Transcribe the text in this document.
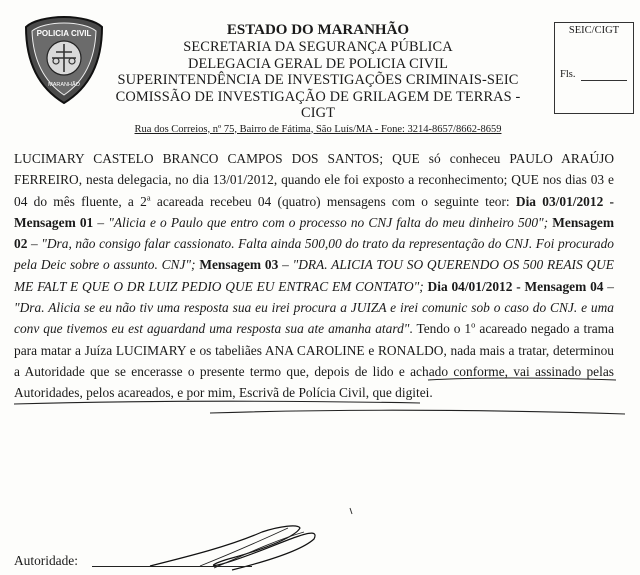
POLICIA CIVIL
MARANHÃO
ESTADO DO MARANHÃO
SECRETARIA DA SEGURANÇA PÚBLICA
DELEGACIA GERAL DE POLICIA CIVIL
SUPERINTENDÊNCIA DE INVESTIGAÇÕES CRIMINAIS-SEIC
COMISSÃO DE INVESTIGAÇÃO DE GRILAGEM DE TERRAS - CIGT
Rua dos Correios, nº 75, Bairro de Fátima, São Luís/MA - Fone: 3214-8657/8662-8659
SEIC/CIGT
Fls.

LUCIMARY CASTELO BRANCO CAMPOS DOS SANTOS; QUE só conheceu PAULO ARAÚJO FERREIRO, nesta delegacia, no dia 13/01/2012, quando ele foi exposto a reconhecimento; QUE nos dias 03 e 04 do mês fluente, a 2$^a$ acareada recebeu 04 (quatro) mensagens com o seguinte teor: Dia 03/01/2012 - Mensagem 01 – "Alicia e o Paulo que entro com o processo no CNJ falta do meu dinheiro 500"; Mensagem 02 – "Dra, não consigo falar cassionato. Falta ainda 500,00 do trato da representação do CNJ. Foi procurado pela Deic sobre o assunto. CNJ"; Mensagem 03 – "DRA. ALICIA TOU SO QUERENDO OS 500 REAIS QUE ME FALT E QUE O DR LUIZ PEDIO QUE EU ENTRAC EM CONTATO"; Dia 04/01/2012 - Mensagem 04 – "Dra. Alicia se eu não tiv uma resposta sua eu irei procura a JUIZA e irei comunic sob o caso do CNJ. e uma conv que tivemos eu est aguardand uma resposta sua ate amanha atard". Tendo o 1$^o$ acareado negado a trama para matar a Juíza LUCIMARY e os tabeliães ANA CAROLINE e RONALDO, nada mais a tratar, determinou a Autoridade que se encerasse o presente termo que, depois de lido e achado conforme, vai assinado pelas Autoridades, pelos acareados, e por mim, Escrivã de Polícia Civil, que digitei.

Autoridade:
